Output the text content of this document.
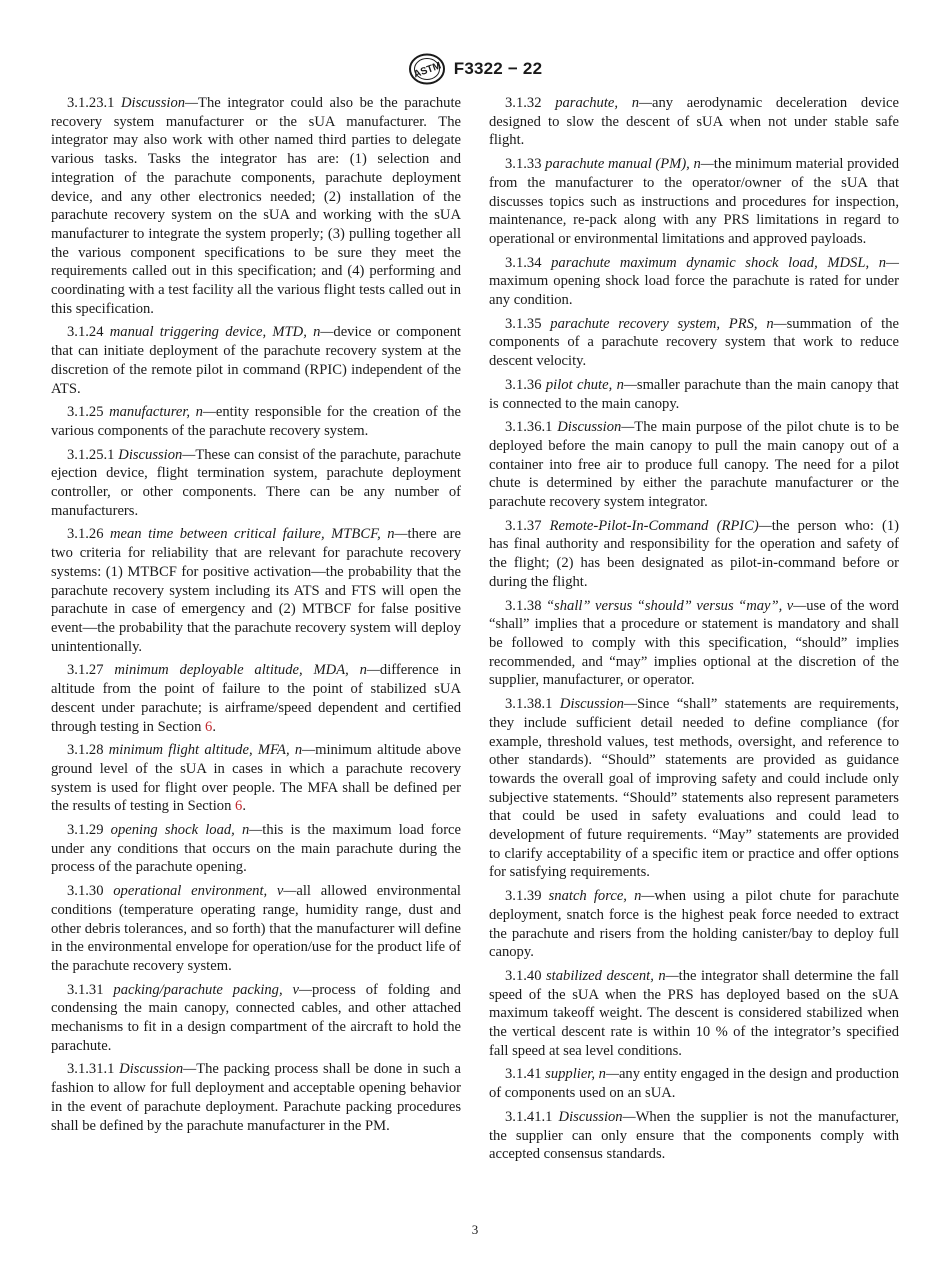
ASTM F3322 − 22

3.1.23.1 Discussion—The integrator could also be the parachute recovery system manufacturer or the sUA manufacturer. The integrator may also work with other named third parties to delegate various tasks. Tasks the integrator has are: (1) selection and integration of the parachute components, parachute deployment device, and any other electronics needed; (2) installation of the parachute recovery system on the sUA and working with the sUA manufacturer to integrate the system properly; (3) pulling together all the various component specifications to be sure they meet the requirements called out in this specification; and (4) performing and coordinating with a test facility all the various flight tests called out in this specification.

3.1.24 manual triggering device, MTD, n—device or component that can initiate deployment of the parachute recovery system at the discretion of the remote pilot in command (RPIC) independent of the ATS.

3.1.25 manufacturer, n—entity responsible for the creation of the various components of the parachute recovery system.

3.1.25.1 Discussion—These can consist of the parachute, parachute ejection device, flight termination system, parachute deployment controller, or other components. There can be any number of manufacturers.

3.1.26 mean time between critical failure, MTBCF, n—there are two criteria for reliability that are relevant for parachute recovery systems: (1) MTBCF for positive activation—the probability that the parachute recovery system including its ATS and FTS will open the parachute in case of emergency and (2) MTBCF for false positive event—the probability that the parachute recovery system will deploy unintentionally.

3.1.27 minimum deployable altitude, MDA, n—difference in altitude from the point of failure to the point of stabilized sUA descent under parachute; is airframe/speed dependent and certified through testing in Section 6.

3.1.28 minimum flight altitude, MFA, n—minimum altitude above ground level of the sUA in cases in which a parachute recovery system is used for flight over people. The MFA shall be defined per the results of testing in Section 6.

3.1.29 opening shock load, n—this is the maximum load force under any conditions that occurs on the main parachute during the process of the parachute opening.

3.1.30 operational environment, v—all allowed environmental conditions (temperature operating range, humidity range, dust and other debris tolerances, and so forth) that the manufacturer will define in the environmental envelope for operation/use for the product life of the parachute recovery system.

3.1.31 packing/parachute packing, v—process of folding and condensing the main canopy, connected cables, and other attached mechanisms to fit in a design compartment of the aircraft to hold the parachute.

3.1.31.1 Discussion—The packing process shall be done in such a fashion to allow for full deployment and acceptable opening behavior in the event of parachute deployment. Parachute packing procedures shall be defined by the parachute manufacturer in the PM.

3.1.32 parachute, n—any aerodynamic deceleration device designed to slow the descent of sUA when not under stable safe flight.

3.1.33 parachute manual (PM), n—the minimum material provided from the manufacturer to the operator/owner of the sUA that discusses topics such as instructions and procedures for inspection, maintenance, re-pack along with any PRS limitations in regard to operational or environmental limitations and approved payloads.

3.1.34 parachute maximum dynamic shock load, MDSL, n—maximum opening shock load force the parachute is rated for under any condition.

3.1.35 parachute recovery system, PRS, n—summation of the components of a parachute recovery system that work to reduce descent velocity.

3.1.36 pilot chute, n—smaller parachute than the main canopy that is connected to the main canopy.

3.1.36.1 Discussion—The main purpose of the pilot chute is to be deployed before the main canopy to pull the main canopy out of a container into free air to produce full canopy. The need for a pilot chute is determined by either the parachute manufacturer or the parachute recovery system integrator.

3.1.37 Remote-Pilot-In-Command (RPIC)—the person who: (1) has final authority and responsibility for the operation and safety of the flight; (2) has been designated as pilot-in-command before or during the flight.

3.1.38 “shall” versus “should” versus “may”, v—use of the word “shall” implies that a procedure or statement is mandatory and shall be followed to comply with this specification, “should” implies recommended, and “may” implies optional at the discretion of the supplier, manufacturer, or operator.

3.1.38.1 Discussion—Since “shall” statements are requirements, they include sufficient detail needed to define compliance (for example, threshold values, test methods, oversight, and reference to other standards). “Should” statements are provided as guidance towards the overall goal of improving safety and could include only subjective statements. “Should” statements also represent parameters that could be used in safety evaluations and could lead to development of future requirements. “May” statements are provided to clarify acceptability of a specific item or practice and offer options for satisfying requirements.

3.1.39 snatch force, n—when using a pilot chute for parachute deployment, snatch force is the highest peak force needed to extract the parachute and risers from the holding canister/bay to deploy full canopy.

3.1.40 stabilized descent, n—the integrator shall determine the fall speed of the sUA when the PRS has deployed based on the sUA maximum takeoff weight. The descent is considered stabilized when the vertical descent rate is within 10 % of the integrator’s specified fall speed at sea level conditions.

3.1.41 supplier, n—any entity engaged in the design and production of components used on an sUA.

3.1.41.1 Discussion—When the supplier is not the manufacturer, the supplier can only ensure that the components comply with accepted consensus standards.

3
